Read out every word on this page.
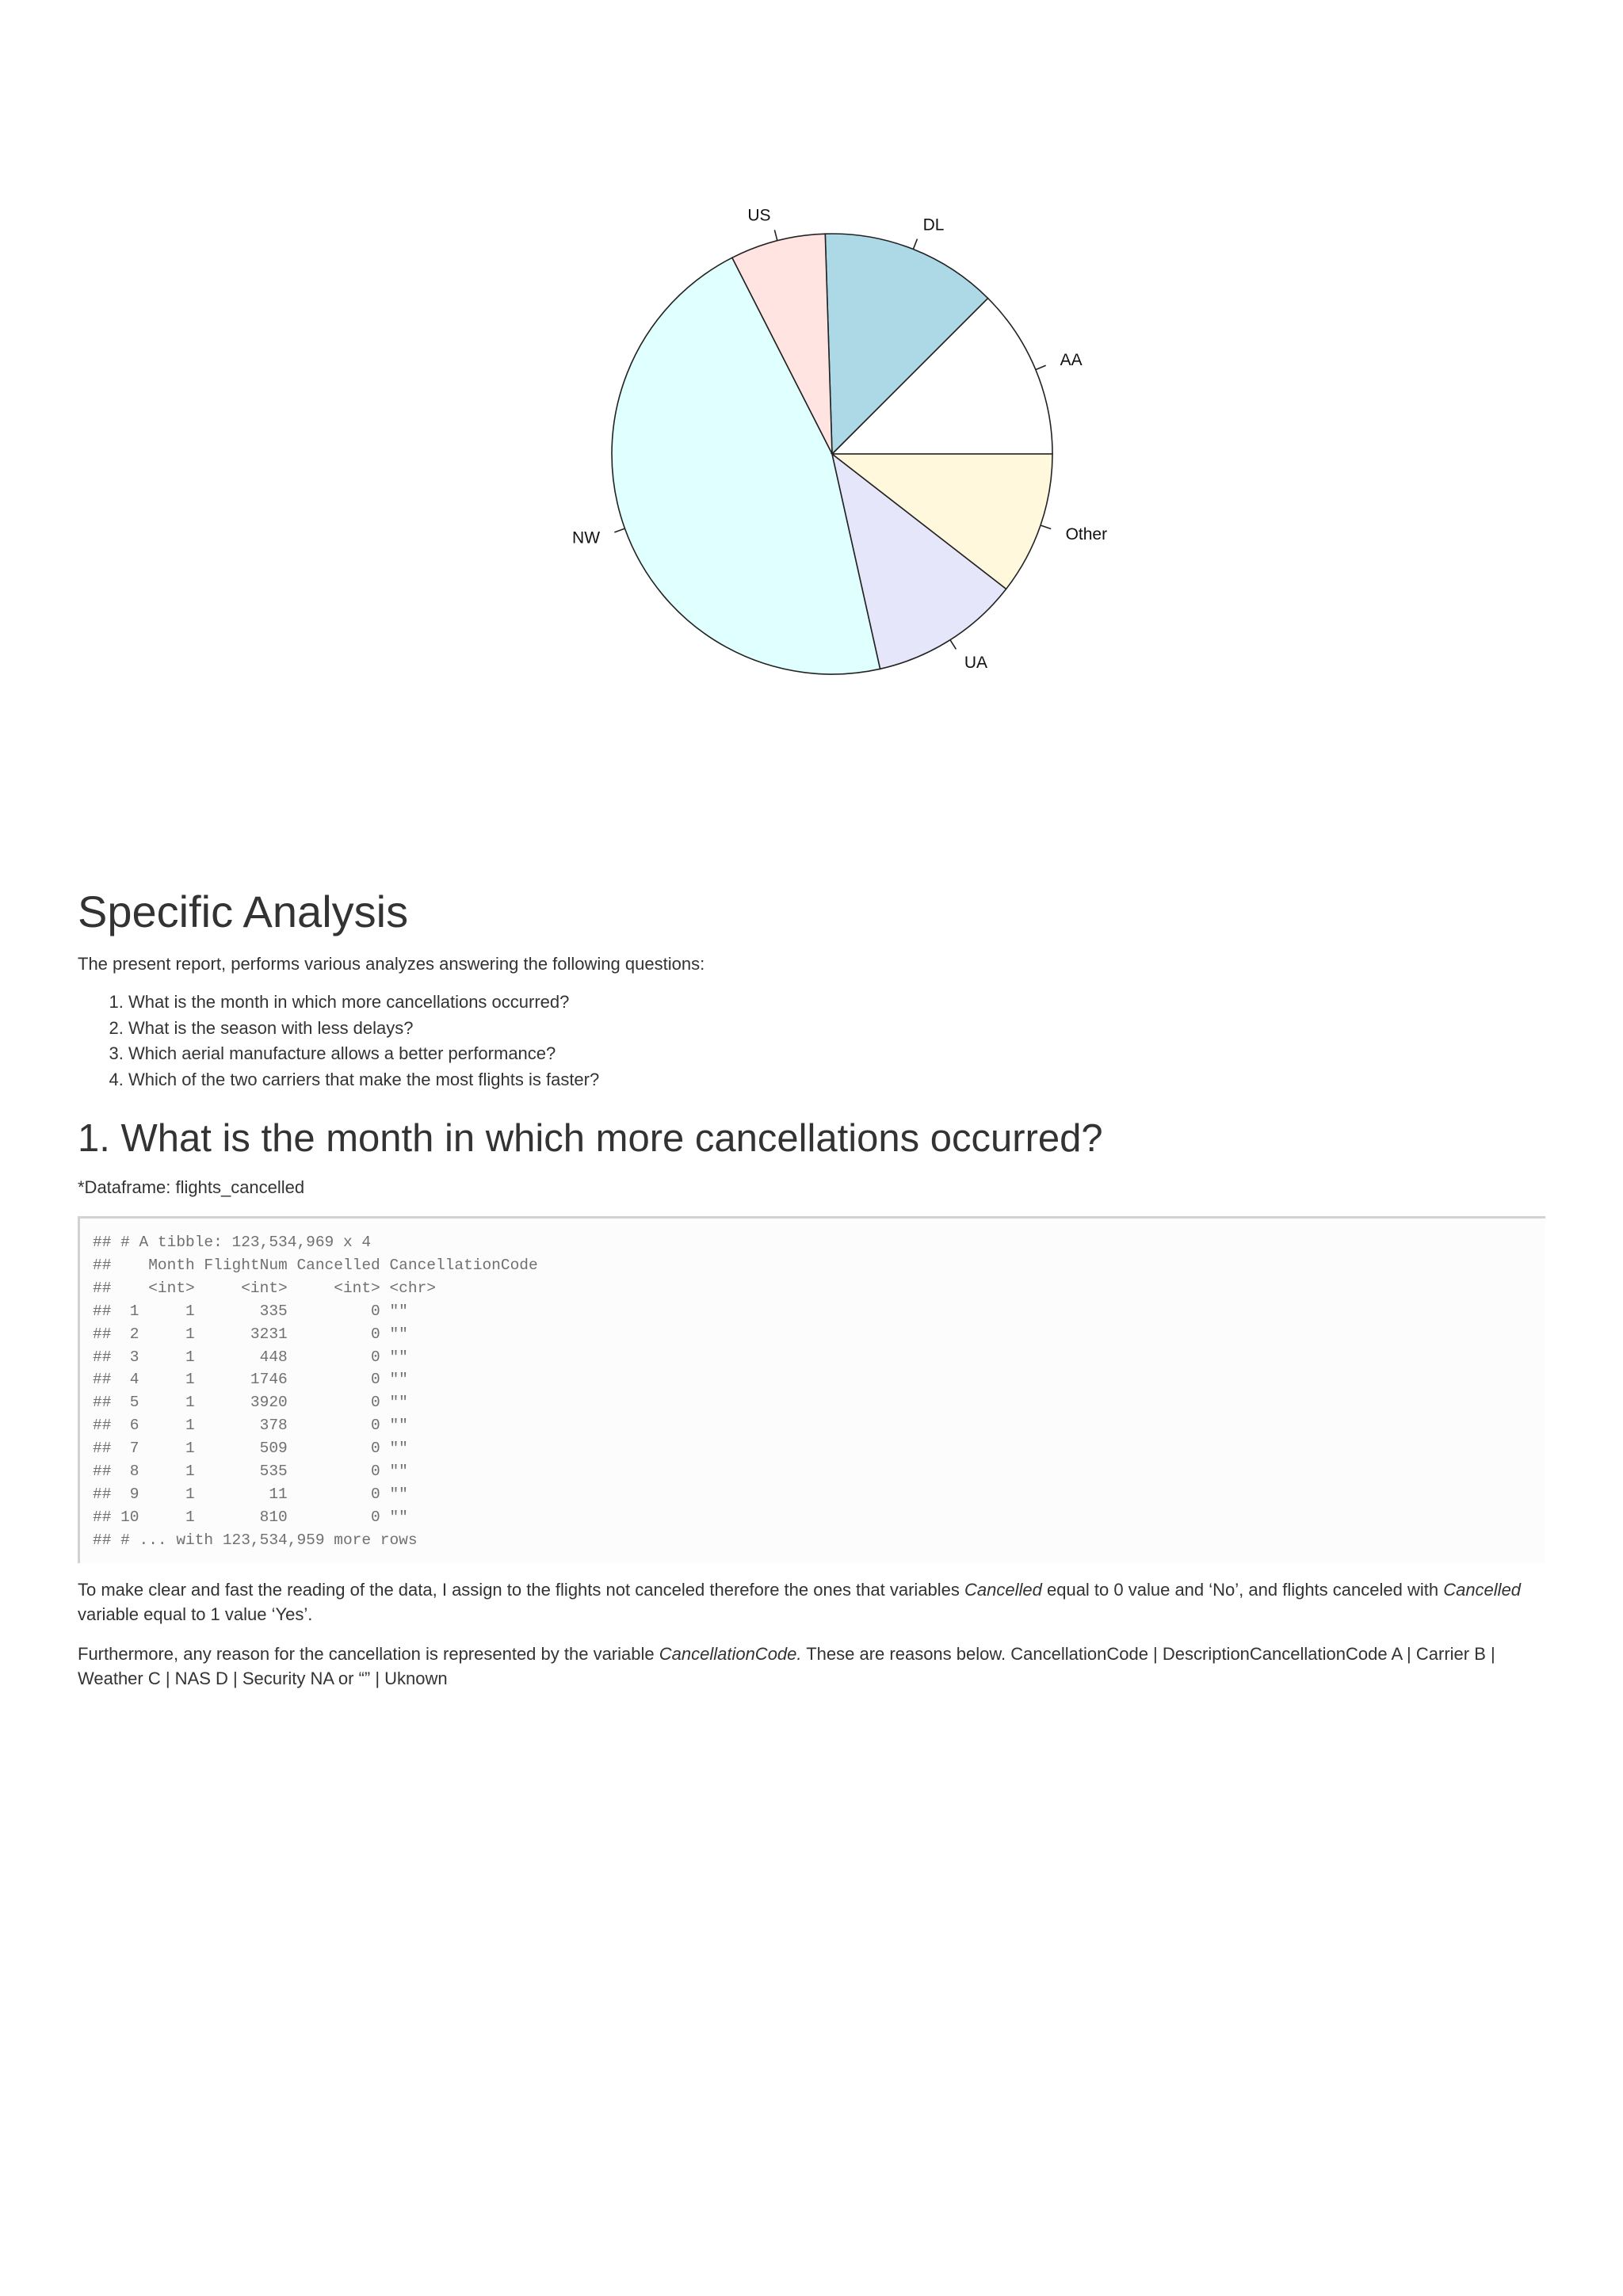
AA
DL
US
NW
UA
Other
Specific Analysis

The present report, performs various analyzes answering the following questions:

1. What is the month in which more cancellations occurred?
2. What is the season with less delays?
3. Which aerial manufacture allows a better performance?
4. Which of the two carriers that make the most flights is faster?
1. What is the month in which more cancellations occurred?

*Dataframe: flights_cancelled

## # A tibble: 123,534,969 x 4
##    Month FlightNum Cancelled CancellationCode
##    <int>     <int>     <int> <chr>
##  1     1       335         0 ""
##  2     1      3231         0 ""
##  3     1       448         0 ""
##  4     1      1746         0 ""
##  5     1      3920         0 ""
##  6     1       378         0 ""
##  7     1       509         0 ""
##  8     1       535         0 ""
##  9     1        11         0 ""
## 10     1       810         0 ""
## # ... with 123,534,959 more rows

To make clear and fast the reading of the data, I assign to the flights not canceled therefore the ones that variables Cancelled equal to 0 value and ‘No’, and flights canceled with Cancelled variable equal to 1 value ‘Yes’.

Furthermore, any reason for the cancellation is represented by the variable CancellationCode. These are reasons below. CancellationCode | DescriptionCancellationCode A | Carrier B | Weather C | NAS D | Security NA or “” | Uknown
